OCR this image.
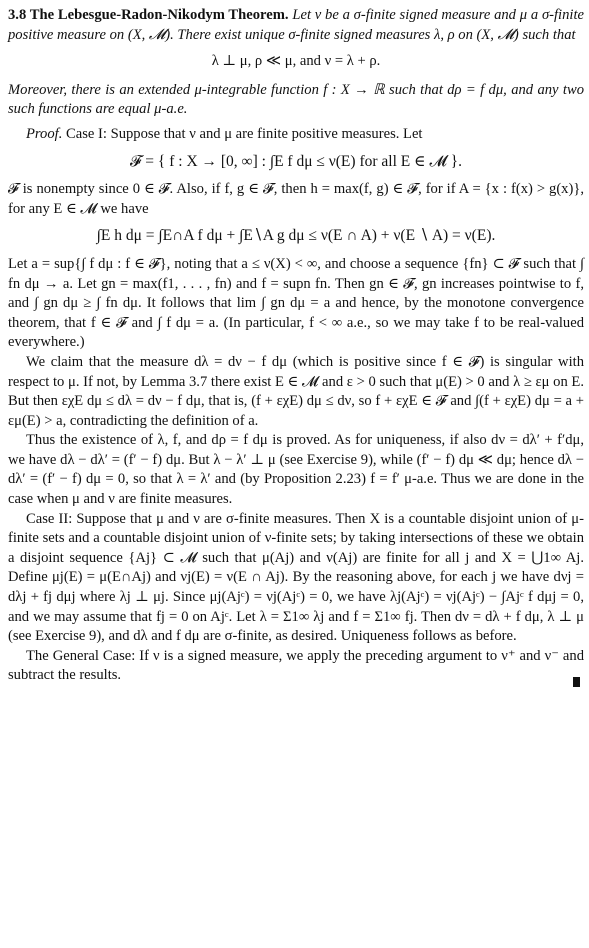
3.8 The Lebesgue-Radon-Nikodym Theorem. Let ν be a σ-finite signed measure and μ a σ-finite positive measure on (X, 𝓜). There exist unique σ-finite signed measures λ, ρ on (X, 𝓜) such that

λ ⊥ μ, ρ ≪ μ, and ν = λ + ρ.

Moreover, there is an extended μ-integrable function f : X → ℝ such that dρ = f dμ, and any two such functions are equal μ-a.e.

Proof. Case I: Suppose that ν and μ are finite positive measures. Let

𝓕 = { f : X → [0, ∞] : ∫E f dμ ≤ ν(E) for all E ∈ 𝓜 }.

𝓕 is nonempty since 0 ∈ 𝓕. Also, if f, g ∈ 𝓕, then h = max(f, g) ∈ 𝓕, for if A = {x : f(x) > g(x)}, for any E ∈ 𝓜 we have

∫E h dμ = ∫E∩A f dμ + ∫E∖A g dμ ≤ ν(E ∩ A) + ν(E ∖ A) = ν(E).

Let a = sup{∫ f dμ : f ∈ 𝓕}, noting that a ≤ ν(X) < ∞, and choose a sequence {fn} ⊂ 𝓕 such that ∫ fn dμ → a. Let gn = max(f1, . . . , fn) and f = supn fn. Then gn ∈ 𝓕, gn increases pointwise to f, and ∫ gn dμ ≥ ∫ fn dμ. It follows that lim ∫ gn dμ = a and hence, by the monotone convergence theorem, that f ∈ 𝓕 and ∫ f dμ = a. (In particular, f < ∞ a.e., so we may take f to be real-valued everywhere.)

We claim that the measure dλ = dν − f dμ (which is positive since f ∈ 𝓕) is singular with respect to μ. If not, by Lemma 3.7 there exist E ∈ 𝓜 and ε > 0 such that μ(E) > 0 and λ ≥ εμ on E. But then εχE dμ ≤ dλ = dν − f dμ, that is, (f + εχE) dμ ≤ dν, so f + εχE ∈ 𝓕 and ∫(f + εχE) dμ = a + εμ(E) > a, contradicting the definition of a.

Thus the existence of λ, f, and dρ = f dμ is proved. As for uniqueness, if also dν = dλ′ + f′dμ, we have dλ − dλ′ = (f′ − f) dμ. But λ − λ′ ⊥ μ (see Exercise 9), while (f′ − f) dμ ≪ dμ; hence dλ − dλ′ = (f′ − f) dμ = 0, so that λ = λ′ and (by Proposition 2.23) f = f′ μ-a.e. Thus we are done in the case when μ and ν are finite measures.

Case II: Suppose that μ and ν are σ-finite measures. Then X is a countable disjoint union of μ-finite sets and a countable disjoint union of ν-finite sets; by taking intersections of these we obtain a disjoint sequence {Aj} ⊂ 𝓜 such that μ(Aj) and ν(Aj) are finite for all j and X = ⋃1∞ Aj. Define μj(E) = μ(E∩Aj) and νj(E) = ν(E ∩ Aj). By the reasoning above, for each j we have dνj = dλj + fj dμj where λj ⊥ μj. Since μj(Ajᶜ) = νj(Ajᶜ) = 0, we have λj(Ajᶜ) = νj(Ajᶜ) − ∫Ajᶜ f dμj = 0, and we may assume that fj = 0 on Ajᶜ. Let λ = Σ1∞ λj and f = Σ1∞ fj. Then dν = dλ + f dμ, λ ⊥ μ (see Exercise 9), and dλ and f dμ are σ-finite, as desired. Uniqueness follows as before.

The General Case: If ν is a signed measure, we apply the preceding argument to ν⁺ and ν⁻ and subtract the results.
